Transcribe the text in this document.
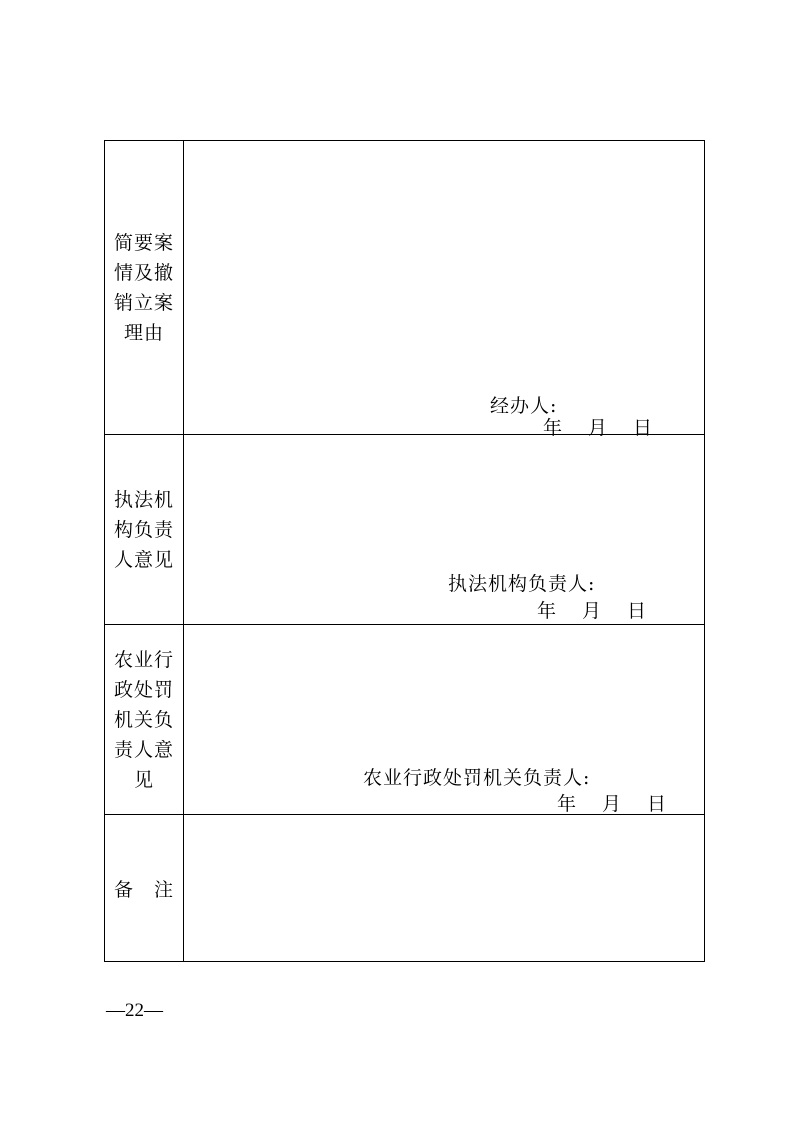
简要案情及撤销立案理由
经办人:
年 月 日
执法机构负责人意见
执法机构负责人:
年 月 日
农业行政处罚机关负责人意见	农业行政处罚机关负责人:
年 月 日
备 注
—22—
